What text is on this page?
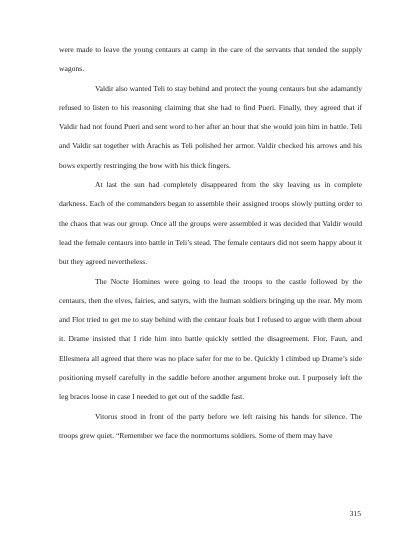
were made to leave the young centaurs at camp in the care of the servants that tended the supply wagons.

Valdir also wanted Teli to stay behind and protect the young centaurs but she adamantly refused to listen to his reasoning claiming that she had to find Pueri. Finally, they agreed that if Valdir had not found Pueri and sent word to her after an hour that she would join him in battle. Teli and Valdir sat together with Arachis as Teli polished her armor. Valdir checked his arrows and his bows expertly restringing the bow with his thick fingers.

At last the sun had completely disappeared from the sky leaving us in complete darkness. Each of the commanders began to assemble their assigned troops slowly putting order to the chaos that was our group. Once all the groups were assembled it was decided that Valdir would lead the female centaurs into battle in Teli’s stead. The female centaurs did not seem happy about it but they agreed nevertheless.

The Nocte Homines were going to lead the troops to the castle followed by the centaurs, then the elves, fairies, and satyrs, with the human soldiers bringing up the rear. My mom and Flor tried to get me to stay behind with the centaur foals but I refused to argue with them about it. Drame insisted that I ride him into battle quickly settled the disagreement. Flor, Faun, and Ellesmera all agreed that there was no place safer for me to be. Quickly I climbed up Drame’s side positioning myself carefully in the saddle before another argument broke out. I purposely left the leg braces loose in case I needed to get out of the saddle fast.

Vitorus stood in front of the party before we left raising his hands for silence. The troops grew quiet. “Remember we face the nonmortums soldiers. Some of them may have

315
